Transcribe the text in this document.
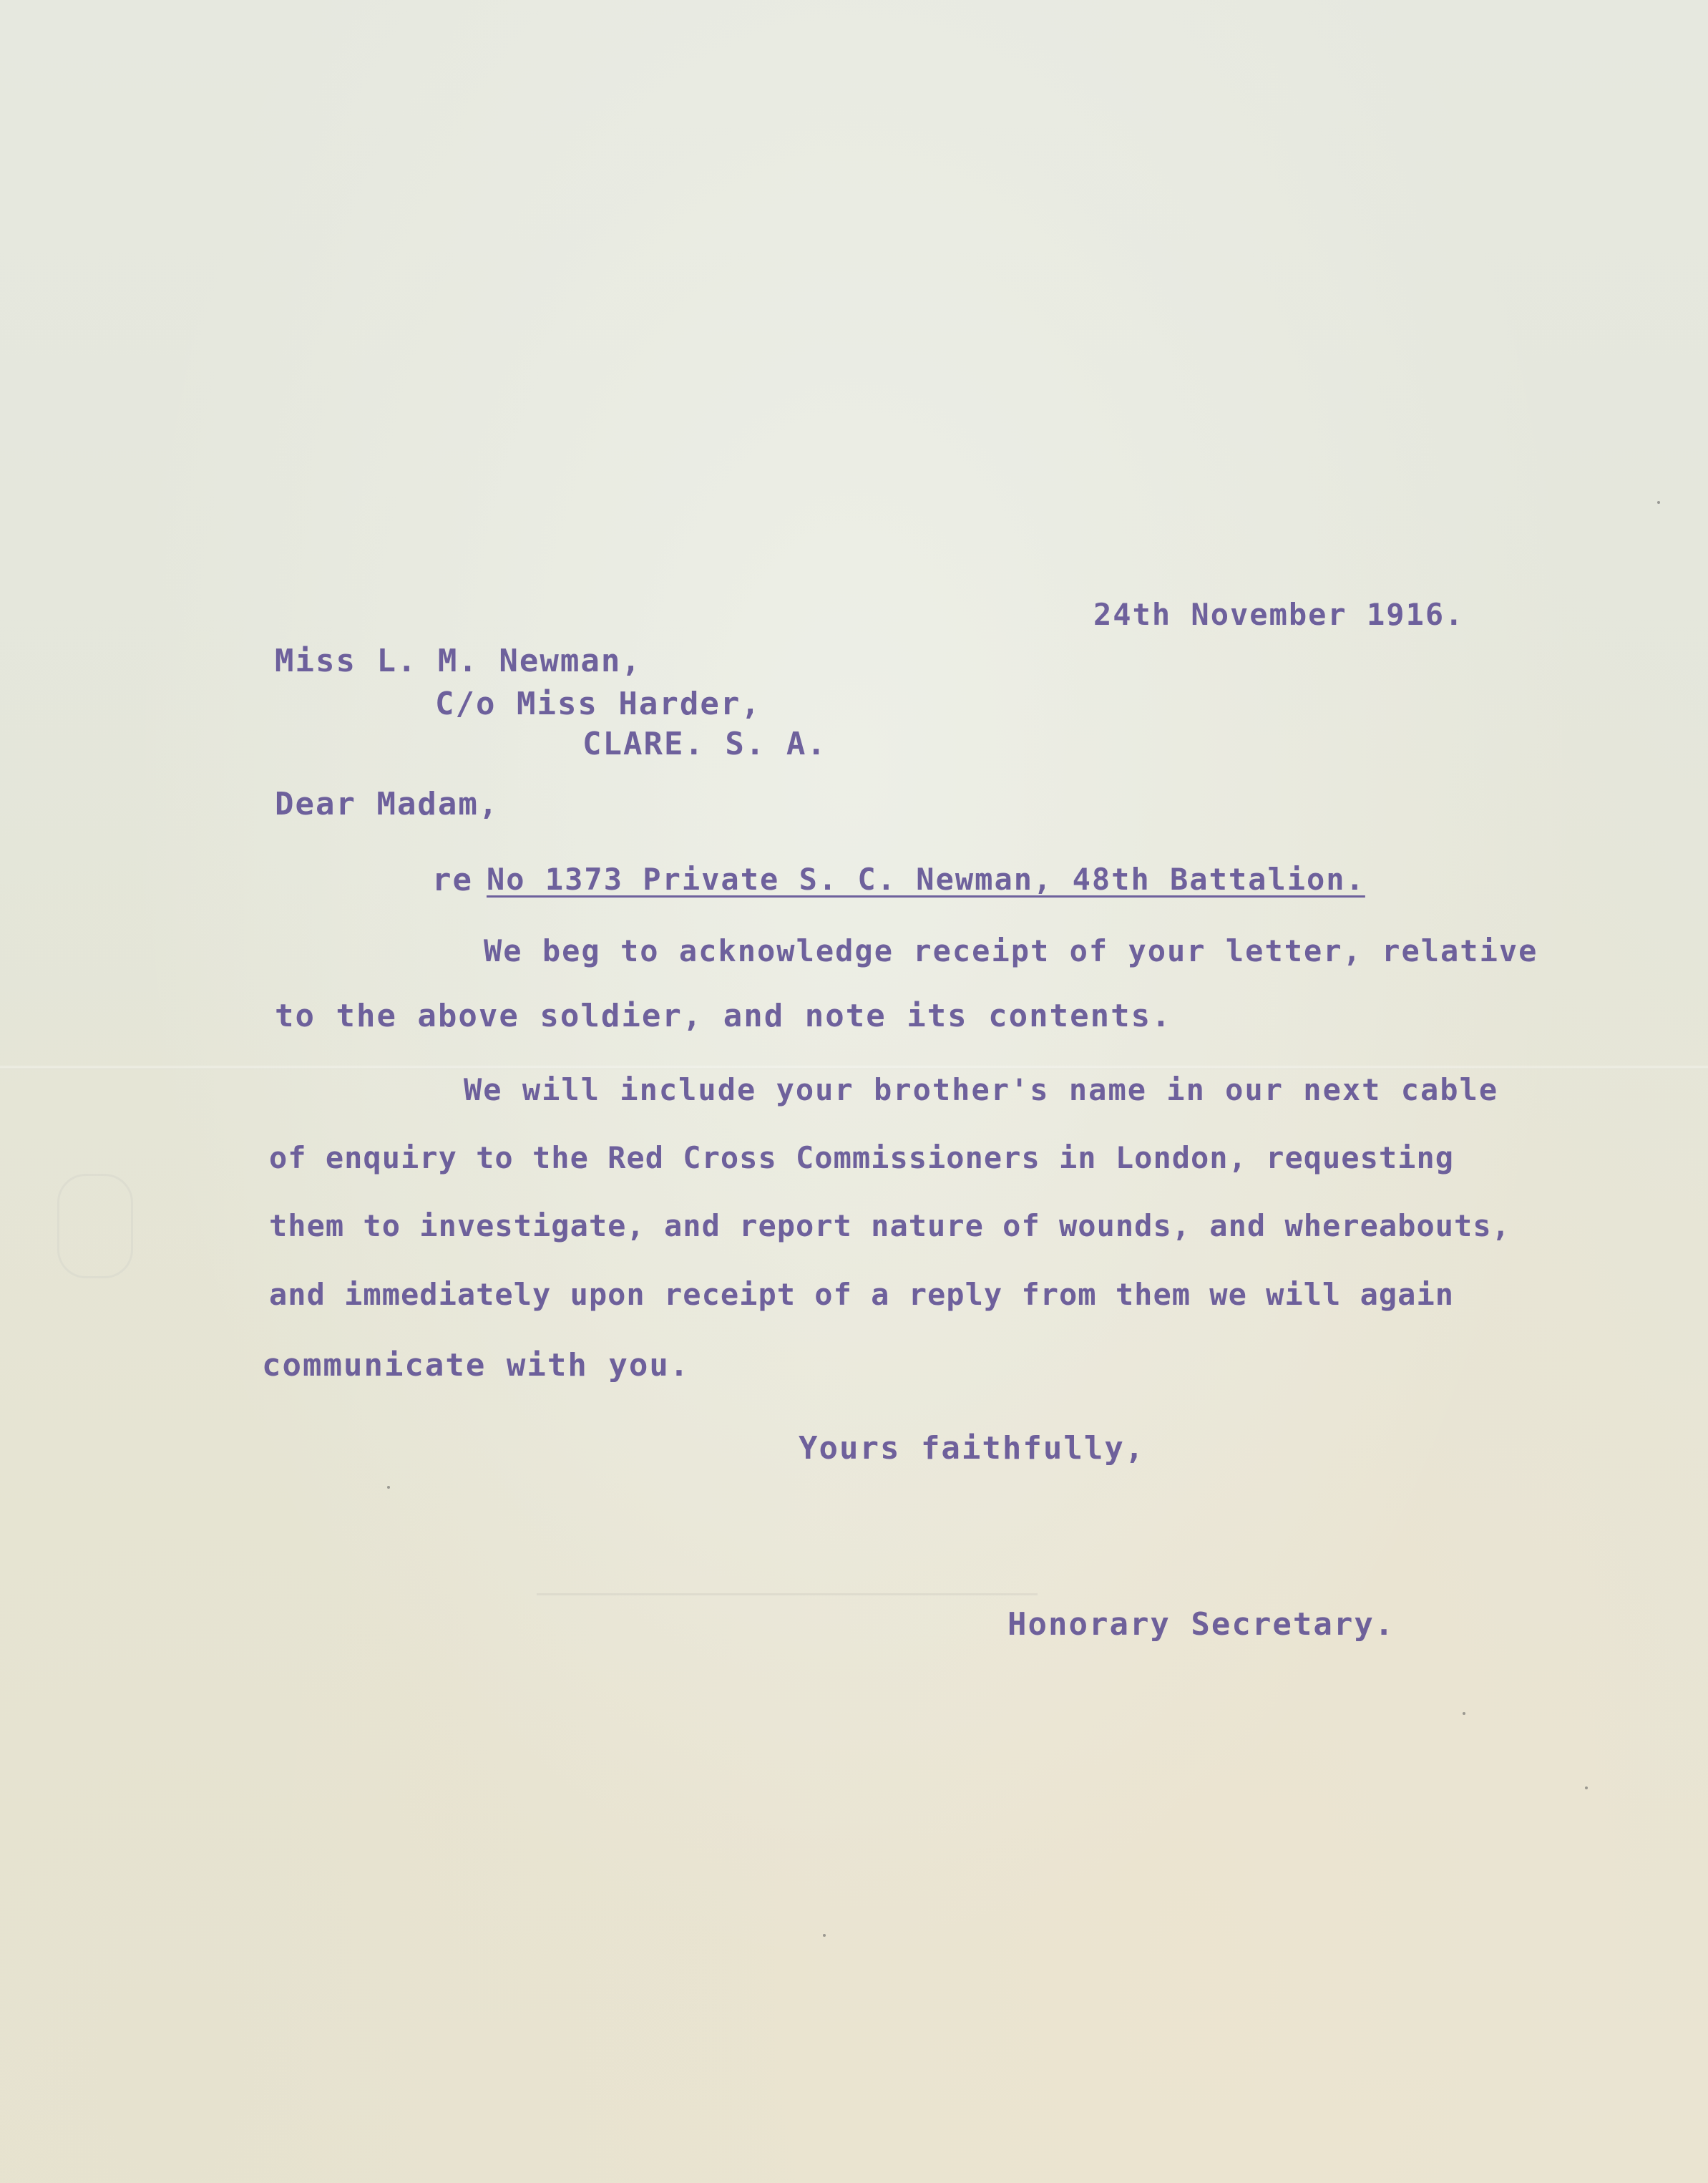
24th November 1916.
Miss L. M. Newman,
C/o Miss Harder,
CLARE. S. A.
Dear Madam,
re No 1373 Private S. C. Newman, 48th Battalion.
We beg to acknowledge receipt of your letter, relative
to the above soldier, and note its contents.
We will include your brother's name in our next cable
of enquiry to the Red Cross Commissioners in London, requesting
them to investigate, and report nature of wounds, and whereabouts,
and immediately upon receipt of a reply from them we will again
communicate with you.
Yours faithfully,
Honorary Secretary.
